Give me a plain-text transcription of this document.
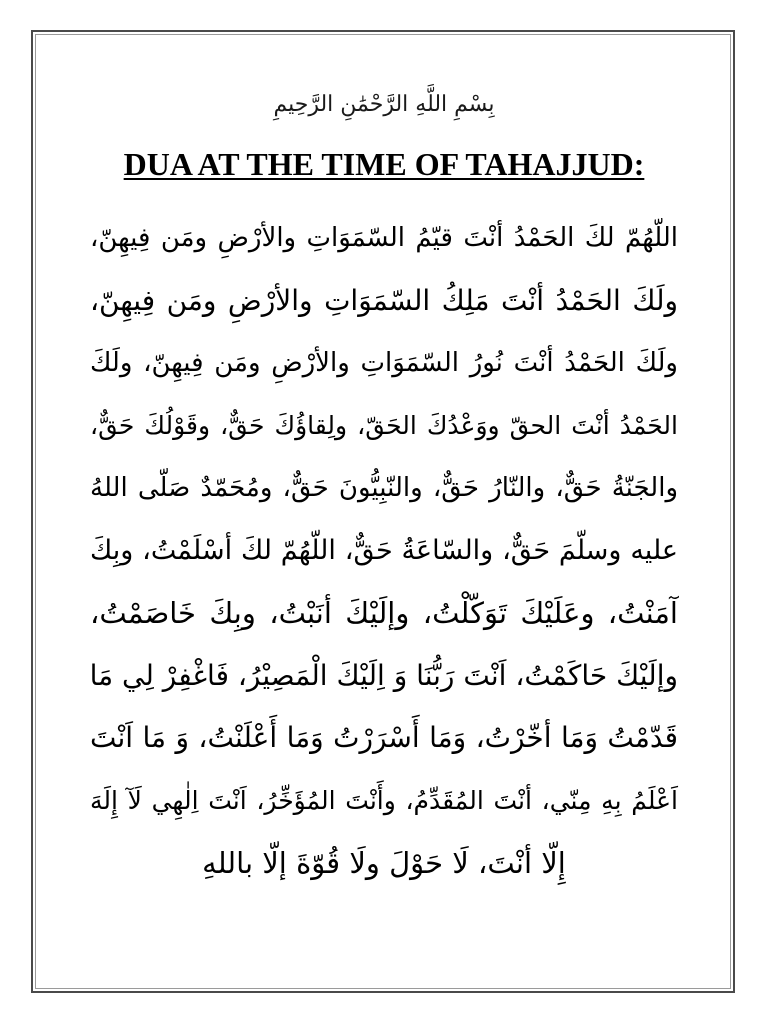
بِسْمِ اللَّهِ الرَّحْمَٰنِ الرَّحِيمِ
DUA AT THE TIME OF TAHAJJUD:
اللّهُمّ لكَ الحَمْدُ أنْتَ قيّمُ السّمَوَاتِ والأرْضِ ومَن فِيهِنّ،
ولَكَ الحَمْدُ أنْتَ مَلِكُ السّمَوَاتِ والأرْضِ ومَن فِيهِنّ،
ولَكَ الحَمْدُ أنْتَ نُورُ السّمَوَاتِ والأرْضِ ومَن فِيهِنّ، ولَكَ
الحَمْدُ أنْتَ الحقّ ووَعْدُكَ الحَقّ، ولِقاؤُكَ حَقٌّ، وقَوْلُكَ حَقٌّ،
والجَنّةُ حَقٌّ، والنّارُ حَقٌّ، والنّبِيُّونَ حَقٌّ، ومُحَمّدٌ صَلّى اللهُ
عليه وسلّمَ حَقٌّ، والسّاعَةُ حَقٌّ، اللّهُمّ لكَ أسْلَمْتُ، وبِكَ
آمَنْتُ، وعَلَيْكَ تَوَكّلْتُ، وإلَيْكَ أنَبْتُ، وبِكَ خَاصَمْتُ،
وإلَيْكَ حَاكَمْتُ، اَنْتَ رَبُّنَا وَ اِلَيْكَ الْمَصِيْرُ، فَاغْفِرْ لِي مَا
قَدّمْتُ وَمَا أخّرْتُ، وَمَا أَسْرَرْتُ وَمَا أَعْلَنْتُ، وَ مَا اَنْتَ
اَعْلَمُ بِهِ مِنّي، أنْتَ المُقَدِّمُ، وأَنْتَ المُؤَخِّرُ، اَنْتَ اِلٰهِي لَآ إِلَهَ
إِلّا أنْتَ، لَا حَوْلَ ولَا قُوّةَ إلّا باللهِ
